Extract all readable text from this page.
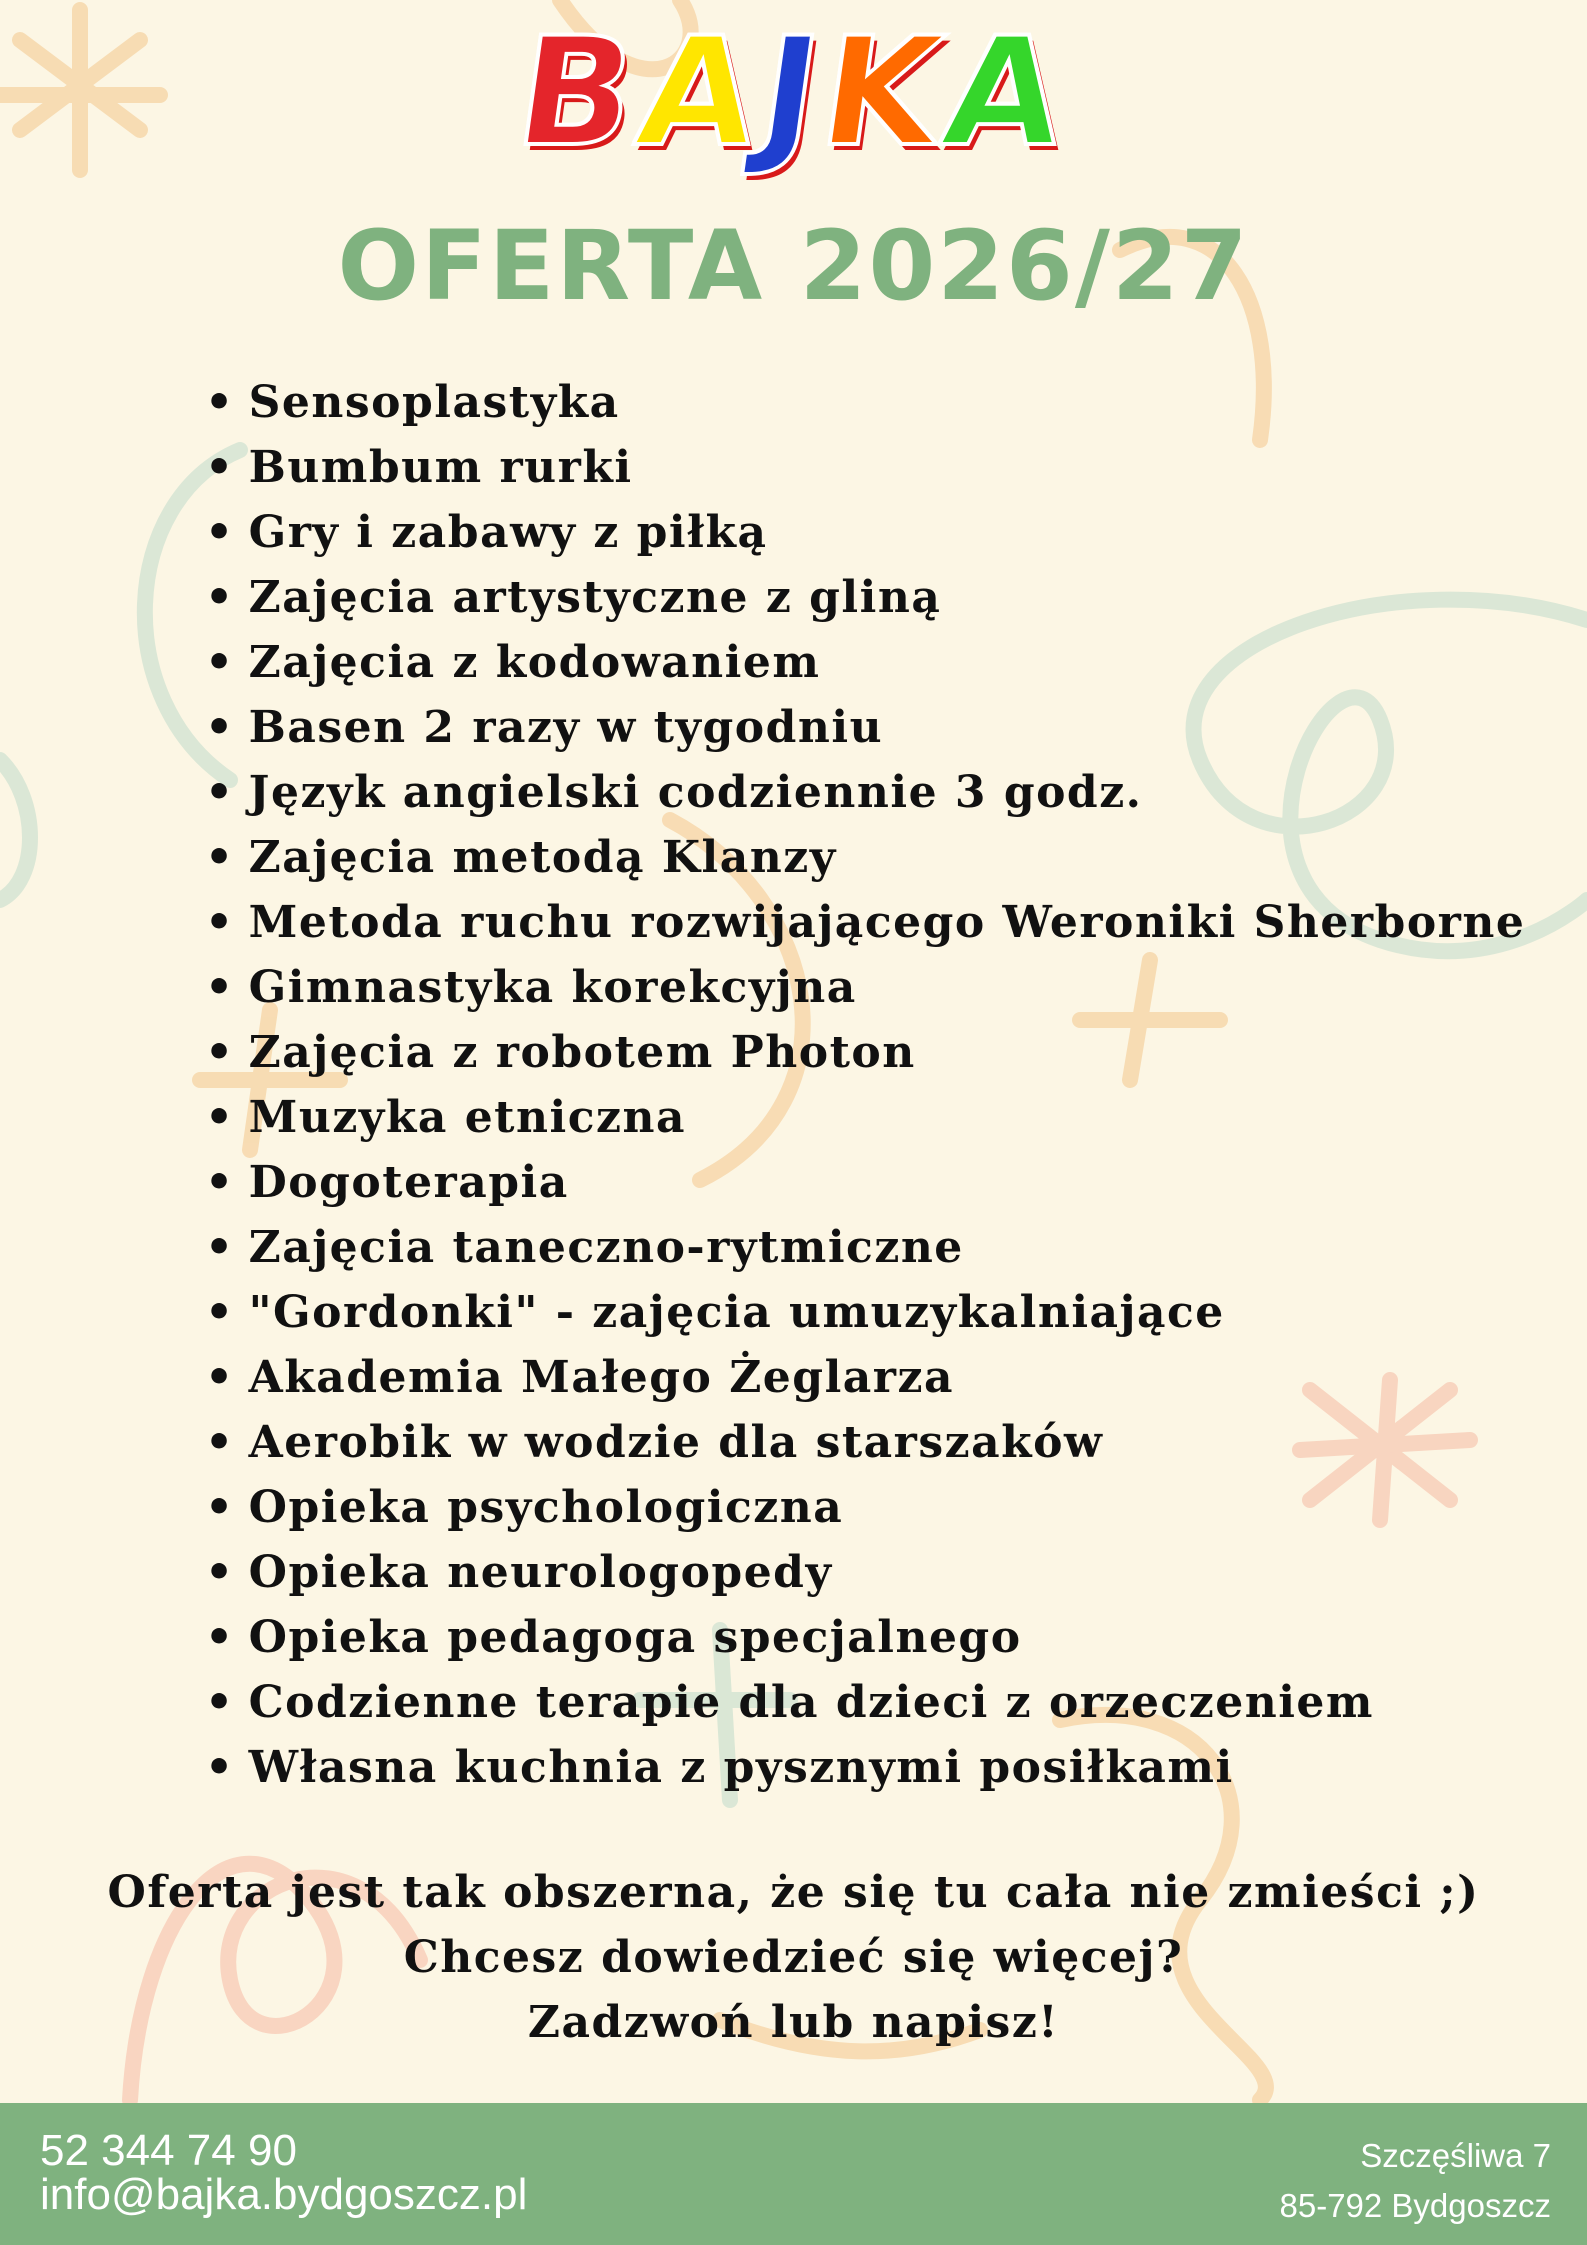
BAJKA
OFERTA 2026/27
• Sensoplastyka
• Bumbum rurki
• Gry i zabawy z piłką
• Zajęcia artystyczne z gliną
• Zajęcia z kodowaniem
• Basen 2 razy w tygodniu
• Język angielski codziennie 3 godz.
• Zajęcia metodą Klanzy
• Metoda ruchu rozwijającego Weroniki Sherborne
• Gimnastyka korekcyjna
• Zajęcia z robotem Photon
• Muzyka etniczna
• Dogoterapia
• Zajęcia taneczno-rytmiczne
• "Gordonki" - zajęcia umuzykalniające
• Akademia Małego Żeglarza
• Aerobik w wodzie dla starszaków
• Opieka psychologiczna
• Opieka neurologopedy
• Opieka pedagoga specjalnego
• Codzienne terapie dla dzieci z orzeczeniem
• Własna kuchnia z pysznymi posiłkami
Oferta jest tak obszerna, że się tu cała nie zmieści ;)
Chcesz dowiedzieć się więcej?
Zadzwoń lub napisz!
52 344 74 90
info@bajka.bydgoszcz.pl
Szczęśliwa 7
85-792 Bydgoszcz
